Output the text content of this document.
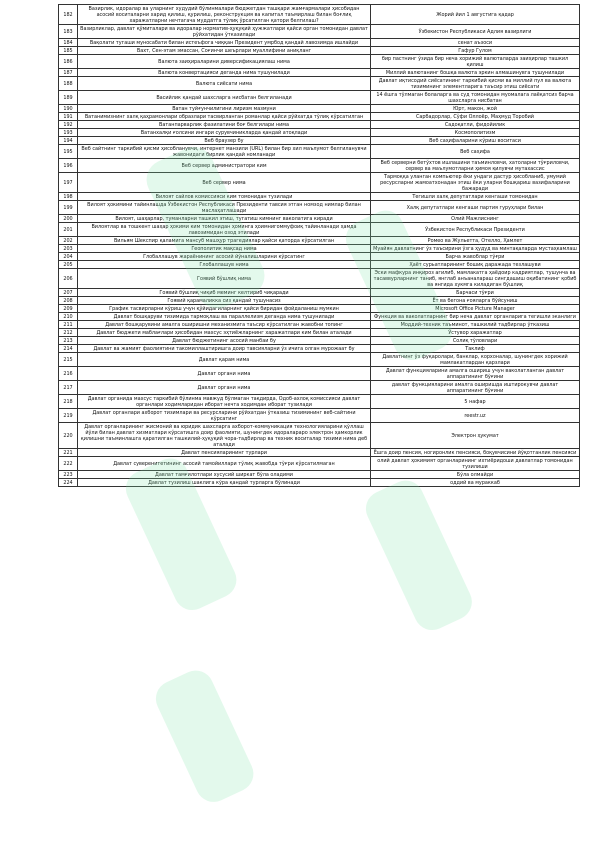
182	Вазирлик, идоралар ва уларнинг худудий бўлинмалари бюджетдан ташқари жамғармалари ҳисобидан асосий воситаларни харид қилиш, қурилиш, реконструкция ва капитал таъмирлаш билан боғлиқ харажатларни нечтагача муддатга тўлиқ ўрсатилган қатори белгилаш?	Жорий йил 1 августига қадар
183	Вазирликлар, давлат қўмиталари ва идоралар норматив-ҳуқуқий ҳужжатлари қайси орган томонидан давлат рўйхатидан ўтказилади	Ўзбекистон Республикаси Адлия вазирлиги
184	Вақолати тугаши муносабати билан истеъфога чиққан Президент умрбод қандай лавозимда ишлайди	сенат аъзоси
185	Вахт, Сен-этам эмассан, Соғинчи шеърлари муаллифини аниқланг	Гафур Гулом
186	Валюта заиҳираларини диверсификациялаш нима	бир пастнинг ўзида бир неча хорижий валюталарда заиҳирлар ташкил қилиш
187	Валюта конвертацияси деганда нима тушунилади	Миллий валютанинг бошқа валюта эркин алмашинувга тушунилади
188	Валюта сиёсати нима	Давлат иқтисодий сиёсатининг таркибий қисми ва миллий пул ва валюта тизимининг элементларига таъсир этиш сиёсати
189	Васийлик қандай шахсларга нисбатан белгиланади	14 ёшга тўлмаган болаларга ва суд томонидан муомалага лаёқатсиз барча шахсларга нисбатан
190	Ватан туйғунчилигини лиризм мазмуни	Юрт, макон, жой
191	Ватанимизнинг халқ қаҳрамонлари образлари тасвирланган романлар қайси рўйхатда тўлиқ кўрсатилган	Сарбадорлар, Сўфи Оллоёр, Маҳмуд Торобий
192	Ватанпарварлик фазилатини боғ белгилари нима	Садоқатли, фидойилик
193	Ватанхалқи ғолсини ингари сурувчиникларда қандай атоқлади	Космополитизм
194	Веб браузер бу	Веб саҳифаларини кўриш воситаси
195	Веб сайтнинг таркибий қисми ҳисобланувчи, интернет манзили (URL) билан бир хил маълумот белгиланувчи жавонидаги бирлик қандай номланади	Веб саҳифа
196	Веб сервер администратори ким	Веб серверни бетўхтов ишлашини таъминловчи, хатоларни тўғриловчи, сервер ва маълумотларни ҳимоя қилувчи мутахассис
197	Веб сервер нима	Тармоққа уланган компьютер ёки ундаги дастур ҳисобланиб, умумий ресурсларни жамоатхонадан этиш ёки уларни бошқариш вазифаларини бажаради
198	Вилоят сайлов комиссияси ким томонидан тузилади	Тегишли халқ депутатлари кенгаши томонидан
199	Вилоят ҳокимини тайинлашда Ўзбекистон Республикаси Президенти тавсия этган номзод нимлар билан маслаҳатлашади	Халқ депутатлари кенгаши партия гуруҳлари билан
200	Вилоят, шаҳарлар, туманларни ташкил этиш, тугатиш кимнинг ваколатига киради	Олий Мажлиснинг
201	Вилоятлар ва тошкент шаҳар ҳокими ким томонидан ҳоминга ҳоимнигоммуфоиқ тайинланади ҳамда лавозимидан озод этилади	Ўзбекистон Республикаси Президенти
202	Вильям Шекспир қаламига мансуб машҳур трагедиялар қайси қаторда кўрсатилган	Ромео ва Жульетта, Отелло, Ҳамлет
203	Геополитик мақсад нима	Муайян давлатнинг ўз таъсирини ўзга ҳудуд ва минтақаларда мустаҳкамлаш
204	Глобаллашув жараёнининг асосий йўналишларини кўрсатинг	Барча жавоблар тўғри
205	Глобаллашув нима	Ҳаёт сурьатларининг бошиқ даражада тезлашуви
206	Гоявий бўшлиқ нима	Эски мафкура инқироз агилиб, мамлакатга ҳаёдоир кадриятлар, тушунча ва тасаввурларнинг таниб, янглаб анъаналараш сингдашиш оқибатининг қобиб ва янгида хукмга киладиган бўшлиқ
207	Гоявий бўшлиқ чиқиб меминг келтириб чиқаради	Барчаси тўғри
208	Гоявий қарамаликка сиз қандай тушунасиз	Ёт ва бегона ғояларга бўйсуниш
209	График тасвирларни кўриш учун қўйидагиларнинг қайси биридан фойдаланиш мумкин	Microsoft Office Picture Manager
210	Давлат бошқаруви тизимида тармоқлаш ва параллелизм деганда нима тушунилади	Функция ва ваколатларнинг бир неча давлат органларига тегишли эканлиги
211	Давлат бошқарувини амалга оширишни механизмига таъсир кўрсатилган жавобни топинг	Моддий-техник таъминот, ташкилий тадбирлар ўтказиш
212	Давлат бюджети маблағлари ҳисобидан махсус эҳтиёжларнинг харажатлари ким билан аталади	Ўстувор харажатлар
213	Давлат бюджетининг асосий манбаи бу	Солиқ тўловлари
214	Давлат ва жамият фаолиятини такомиллаштиришга доир тавсияларни ўз ичига олган мурожаат бу	Таклиф
215	Давлат қарам нима	Давлатнинг ўз фуқаролари, банклар, корхоналар, шунингдек хорижий мамлакатлардан қарзлари
216	Давлат органи нима	Давлат функцияларини амалга ошириш учун ваколатланган давлат аппаратининг бўғини
217	Давлат органи нима	давлат функцияларини амалга оширишда иштирокувчи давлат аппаратининг бўғини
218	Давлат органида махсус таркибий бўлинма мавжуд бўлмаган тақдирда, Одоб-ахлоқ комиссияси давлат органлари ходимларидан иборат нечта ходимдан иборат тузилади	5 нафар
219	Давлат органлари ахборот тизимлари ва ресурсларини рўйхатдан ўтказиш тизимининг веб-сайтини кўрсатинг	reestr.uz
220	Давлат органларининг жисмоний ва юридик шахсларга ахборот-коммуникация технологияларини қўллаш йўли билан давлат хизматлари кўрсатишга доир фаолияти, шунингдек идоралараро электрон ҳамкорлик қилишни таъминлашга қаратилган ташкилий-ҳуқуқий чора-тадбирлар ва техник воситалар тизими нима деб аталади	Электрон ҳукумат
221	Давлат пенсияларининг турлари	Ёшга доир пенсия, ногиронлик пенсияси, боқувчисини йўқотганлик пенсияси
222	Давлат суверенитетининг асосий тамойиллари тўлиқ жавобда тўғри кўрсатилмаган	олий давлат ҳокимият органларининг ихтиёридоши давлатлар томонидан тузилиши
223	Давлат тамғилотлари хусусий ширкат бўла оладими	Бўла олмайди
224	Давлат тузилиш шаклига кўра қандай турларга бўлинади	оддий ва мураккаб
